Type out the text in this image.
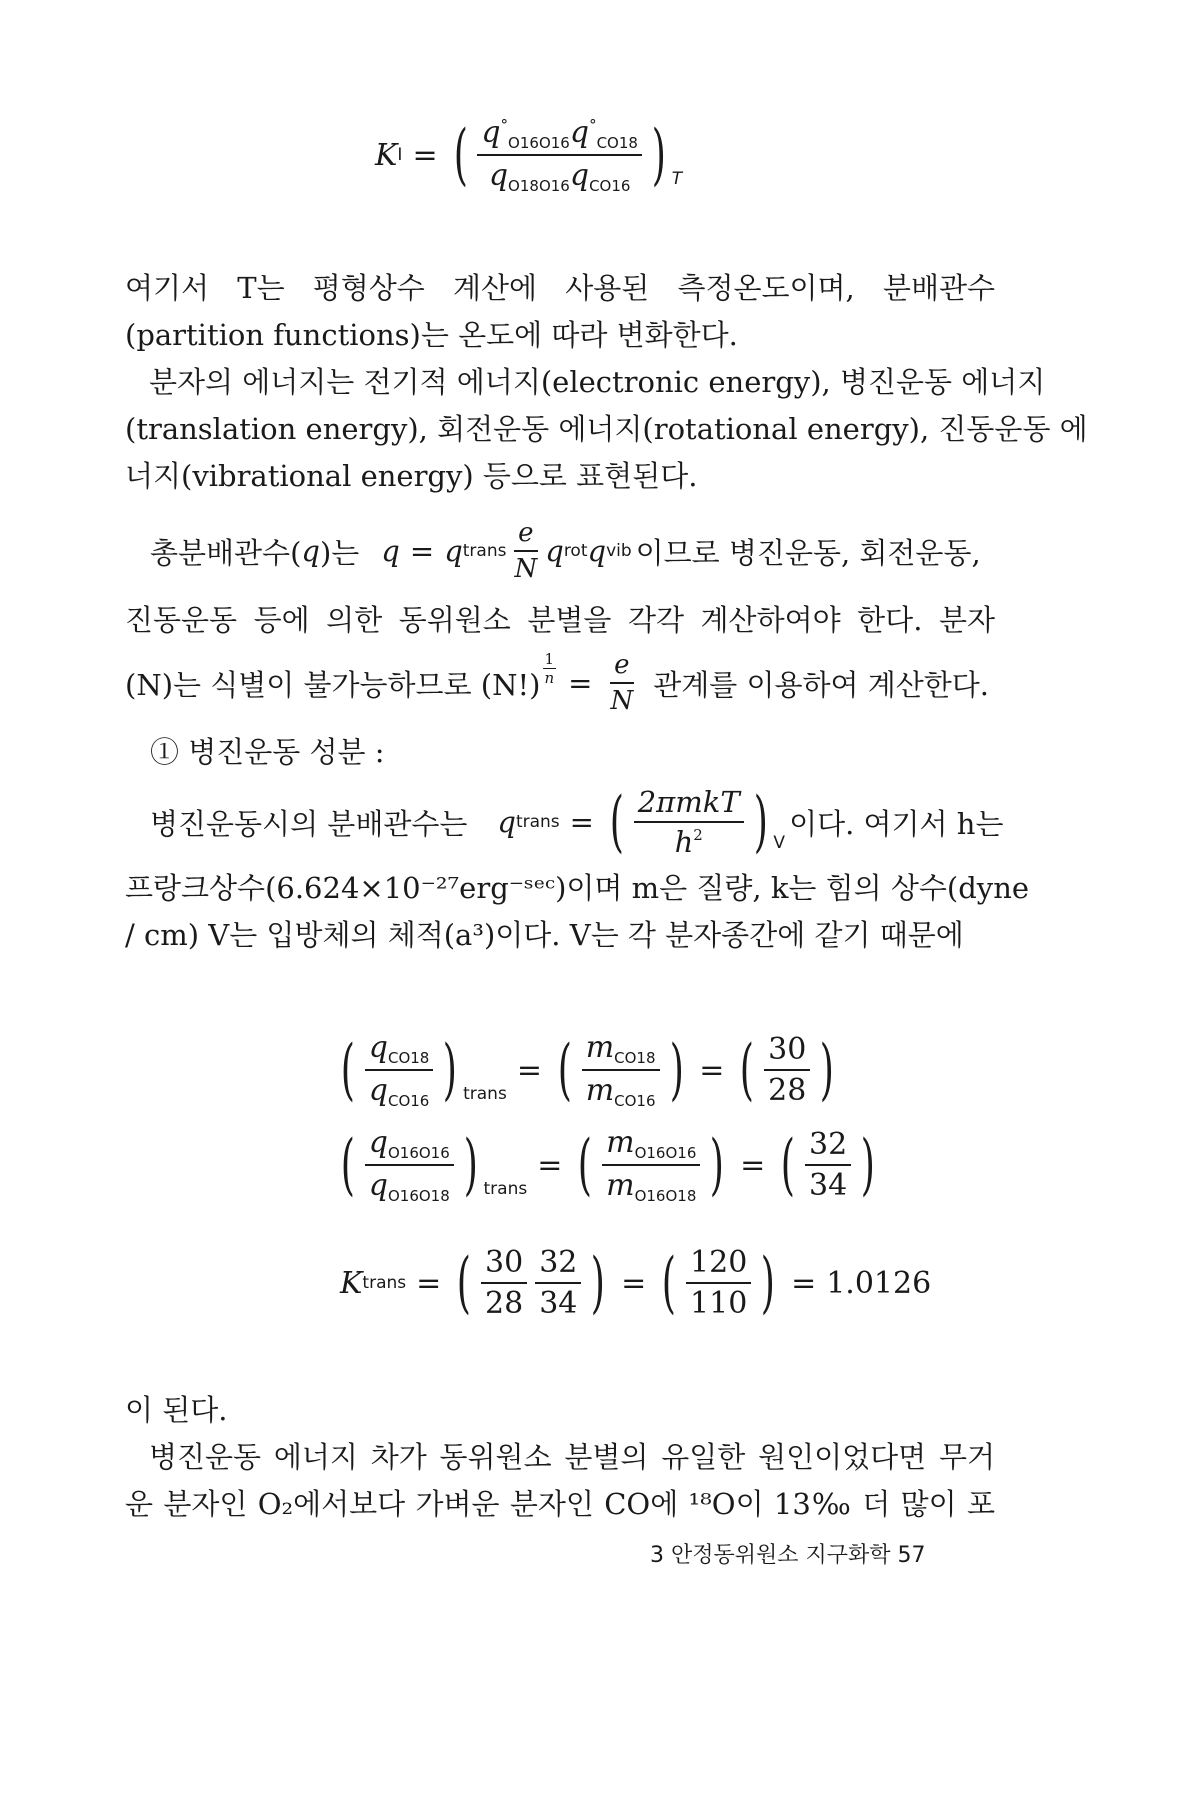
K I = ( $\frac{q^\circ_{O16O16}q^\circ_{CO18}}{q_{O18O16}q_{CO16}}$ ) T
여기서 T는 평형상수 계산에 사용된 측정온도이며, 분배관수
(partition functions)는 온도에 따라 변화한다.
분자의 에너지는 전기적 에너지(electronic energy), 병진운동 에너지
(translation energy), 회전운동 에너지(rotational energy), 진동운동 에
너지(vibrational energy) 등으로 표현된다.
총분배관수( q )는 q = q trans $\frac{e}{N}$ q rot q vib 이므로 병진운동, 회전운동,
진동운동 등에 의한 동위원소 분별을 각각 계산하여야 한다. 분자
(N)는 식별이 불가능하므로 $(N!) \frac{1}{n} = \frac{e}{N}$ 관계를 이용하여 계산한다.
① 병진운동 성분 :
병진운동시의 분배관수는 q trans = ( $\frac{\text{2πmkT}}{h^2}$ ) V
이다. 여기서 h는
프랑크상수(6.624×10⁻²⁷erg⁻ˢᵉᶜ)이며 m은 질량, k는 힘의 상수(dyne
/ cm) V는 입방체의 체적(a³)이다. V는 각 분자종간에 같기 때문에
( $\frac{q_{CO18}}{q_{CO16}}$ ) trans
= ( $\frac{m_{CO18}}{m_{CO16}}$ ) = ( $\frac{30}{28}$ )
( $\frac{q_{O16O16}}{q_{O16O18}}$ ) trans
= ( $\frac{m_{O16O16}}{m_{O16O18}}$ ) = ( $\frac{32}{34}$ )
K trans = ( $\frac{30}{28} \frac{32}{34}$ ) = ( $\frac{120}{110}$ ) = 1.0126
이 된다.
병진운동 에너지 차가 동위원소 분별의 유일한 원인이었다면 무거
운 분자인 O₂에서보다 가벼운 분자인 CO에 ¹⁸O이 13‰ 더 많이 포
3 안정동위원소 지구화학 57
